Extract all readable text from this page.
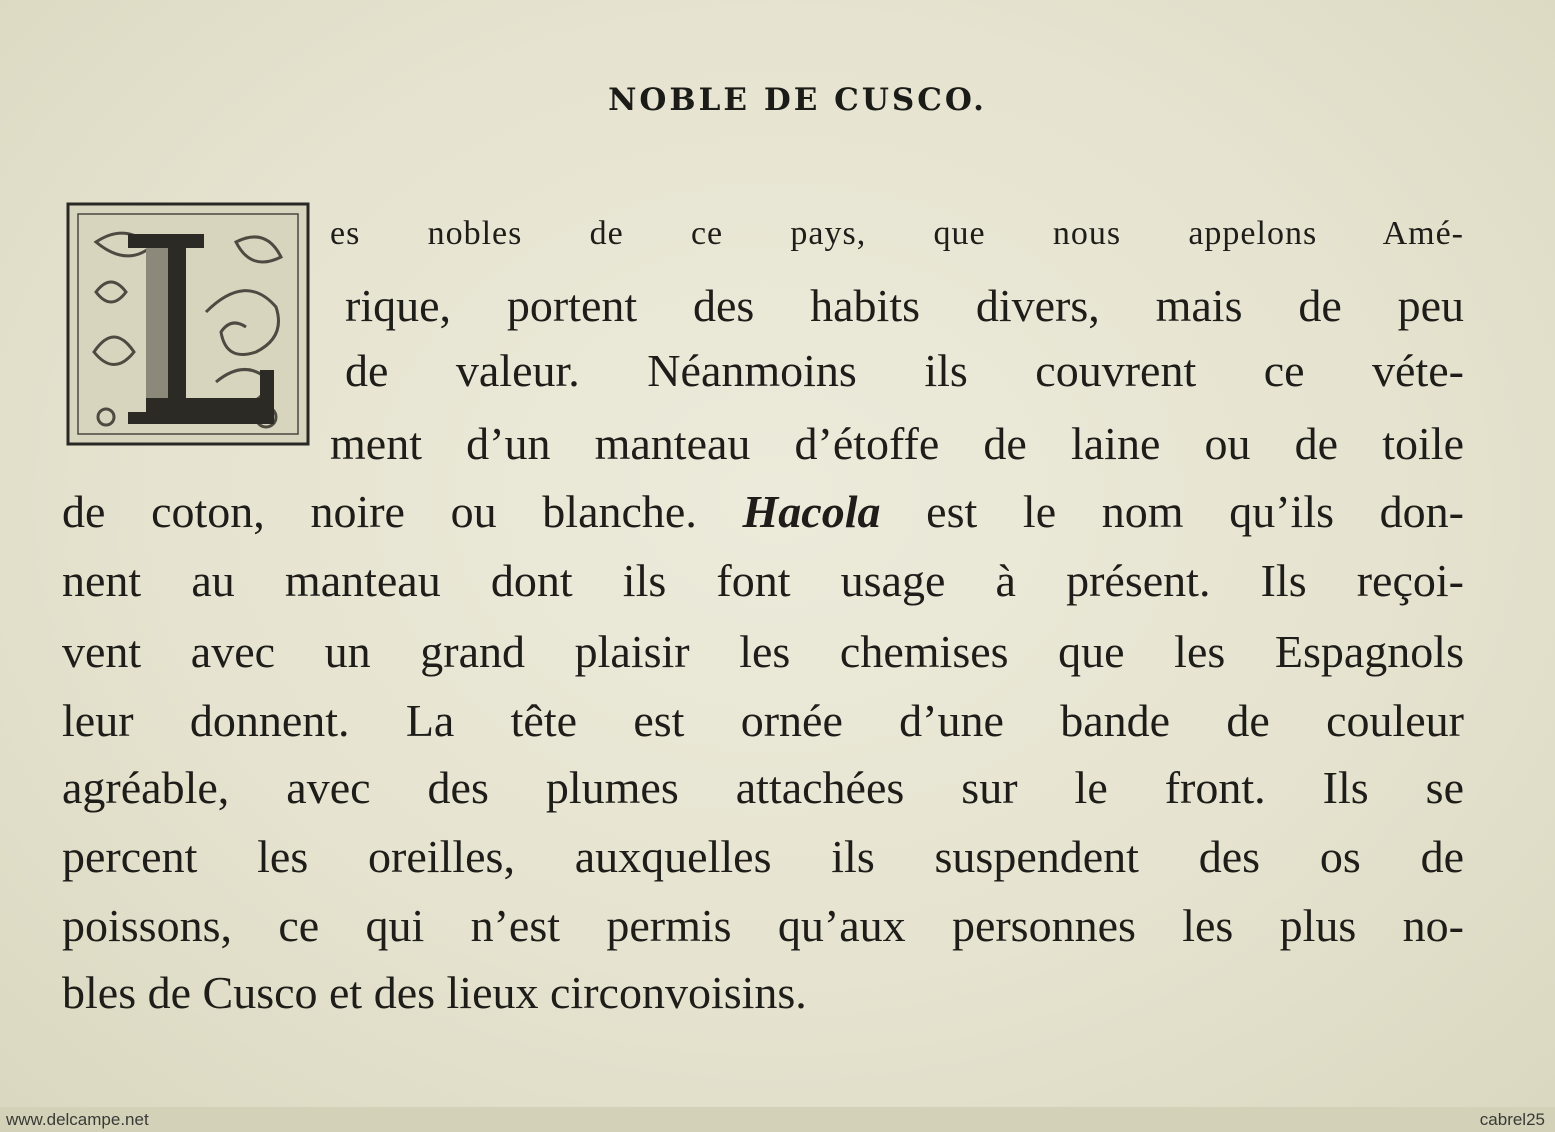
NOBLE DE CUSCO.
es nobles de ce pays, que nous appelons Amé-
rique, portent des habits divers, mais de peu
de valeur. Néanmoins ils couvrent ce véte-
ment d’un manteau d’étoffe de laine ou de toile
de coton, noire ou blanche. Hacola est le nom qu’ils don-
nent au manteau dont ils font usage à présent. Ils reçoi-
vent avec un grand plaisir les chemises que les Espagnols
leur donnent. La tête est ornée d’une bande de couleur
agréable, avec des plumes attachées sur le front. Ils se
percent les oreilles, auxquelles ils suspendent des os de
poissons, ce qui n’est permis qu’aux personnes les plus no-
bles de Cusco et des lieux circonvoisins.
www.delcampe.net	cabrel25
